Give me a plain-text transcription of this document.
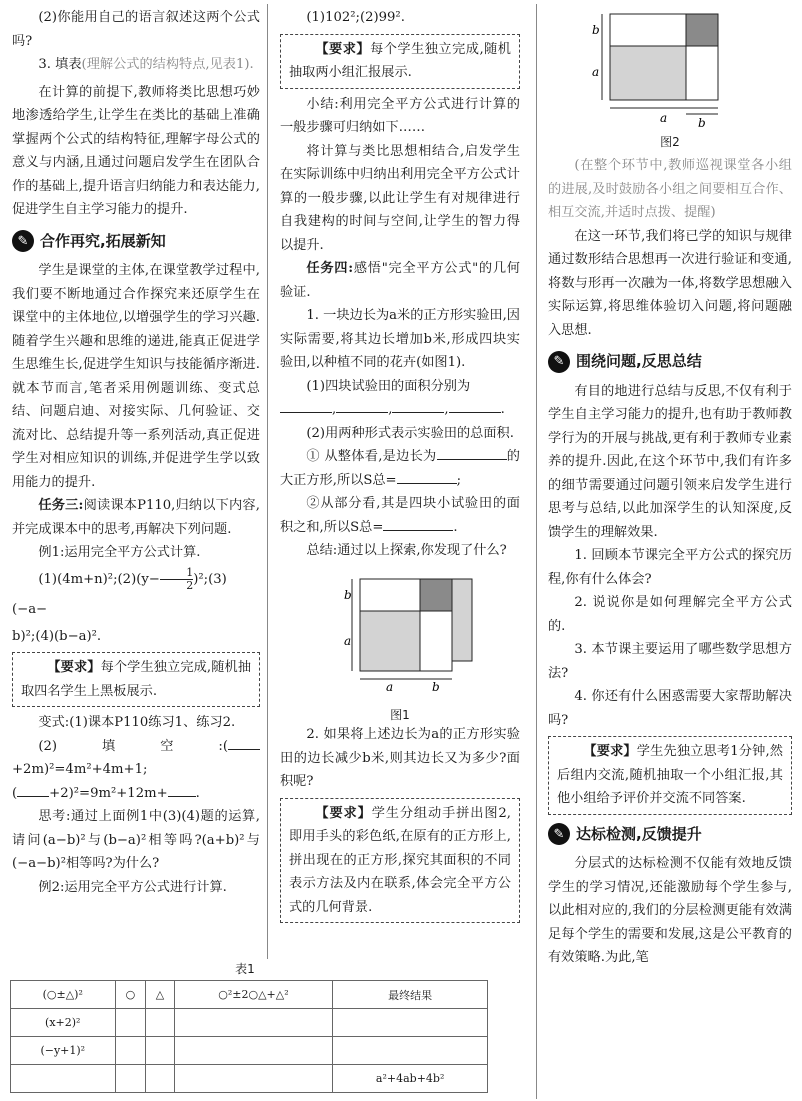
(2)你能用自己的语言叙述这两个公式吗?

3. 填表(理解公式的结构特点,见表1).

在计算的前提下,教师将类比思想巧妙地渗透给学生,让学生在类比的基础上准确掌握两个公式的结构特征,理解字母公式的意义与内涵,且通过问题启发学生在团队合作的基础上,提升语言归纳能力和表达能力,促进学生自主学习能力的提升.

✎ 合作再究,拓展新知

学生是课堂的主体,在课堂教学过程中,我们要不断地通过合作探究来还原学生在课堂中的主体地位,以增强学生的学习兴趣.随着学生兴趣和思维的递进,能真正促进学生思维生长,促进学生知识与技能循序渐进.就本节而言,笔者采用例题训练、变式总结、问题启迪、对接实际、几何验证、交流对比、总结提升等一系列活动,真正促进学生对相应知识的训练,并促进学生学以致用能力的提升.

任务三:阅读课本P110,归纳以下内容,并完成课本中的思考,再解决下列问题.

例1:运用完全平方公式计算.

(1)(4m+n)²;(2)(y− $\frac{1}{2}$ )²;(3)(−a−

b)²;(4)(b−a)².

【要求】每个学生独立完成,随机抽取四名学生上黑板展示.

变式:(1)课本P110练习1、练习2.

(2)填空:(+2m)²=4m²+4m+1;

( +2)²=9m²+12m+ .

思考:通过上面例1中(3)(4)题的运算,请问(a−b)²与(b−a)²相等吗?(a+b)²与(−a−b)²相等吗?为什么?

例2:运用完全平方公式进行计算.

(1)102²;(2)99².

【要求】每个学生独立完成,随机抽取两小组汇报展示.

小结:利用完全平方公式进行计算的一般步骤可归纳如下……

将计算与类比思想相结合,启发学生在实际训练中归纳出利用完全平方公式计算的一般步骤,以此让学生有对规律进行自我建构的时间与空间,让学生的智力得以提升.

任务四:感悟"完全平方公式"的几何验证.

1. 一块边长为a米的正方形实验田,因实际需要,将其边长增加b米,形成四块实验田,以种植不同的花卉(如图1).

(1)四块试验田的面积分别为

,	,	,	.

(2)用两种形式表示实验田的总面积.

① 从整体看,是边长为	的大正方形,所以S总=	;

②从部分看,其是四块小试验田的面积之和,所以S总=	.

总结:通过以上探索,你发现了什么?

b
a
a	b
图1

2. 如果将上述边长为a的正方形实验田的边长减少b米,则其边长又为多少?面积呢?

【要求】学生分组动手拼出图2,即用手头的彩色纸,在原有的正方形上,拼出现在的正方形,探究其面积的不同表示方法及内在联系,体会完全平方公式的几何背景.

b
a
a	b
图2

(在整个环节中,教师巡视课堂各小组的进展,及时鼓励各小组之间要相互合作、相互交流,并适时点拨、提醒)

在这一环节,我们将已学的知识与规律通过数形结合思想再一次进行验证和变通,将数与形再一次融为一体,将数学思想融入实际运算,将思维体验切入问题,将问题融入思想.

✎ 围绕问题,反思总结

有目的地进行总结与反思,不仅有利于学生自主学习能力的提升,也有助于教师教学行为的开展与挑战,更有利于教师专业素养的提升.因此,在这个环节中,我们有许多的细节需要通过问题引领来启发学生进行思考与总结,以此加深学生的认知深度,反馈学生的理解效果.

1. 回顾本节课完全平方公式的探究历程,你有什么体会?

2. 说说你是如何理解完全平方公式的.

3. 本节课主要运用了哪些数学思想方法?

4. 你还有什么困惑需要大家帮助解决吗?

【要求】学生先独立思考1分钟,然后组内交流,随机抽取一个小组汇报,其他小组给予评价并交流不同答案.

✎ 达标检测,反馈提升

分层式的达标检测不仅能有效地反馈学生的学习情况,还能激励每个学生参与,以此相对应的,我们的分层检测更能有效满足每个学生的需要和发展,这是公平教育的有效策略.为此,笔

表1
(○±△)²	○	△	○²±2○△+△²	最终结果
(x+2)²				
(−y+1)²				
				a²+4ab+4b²
